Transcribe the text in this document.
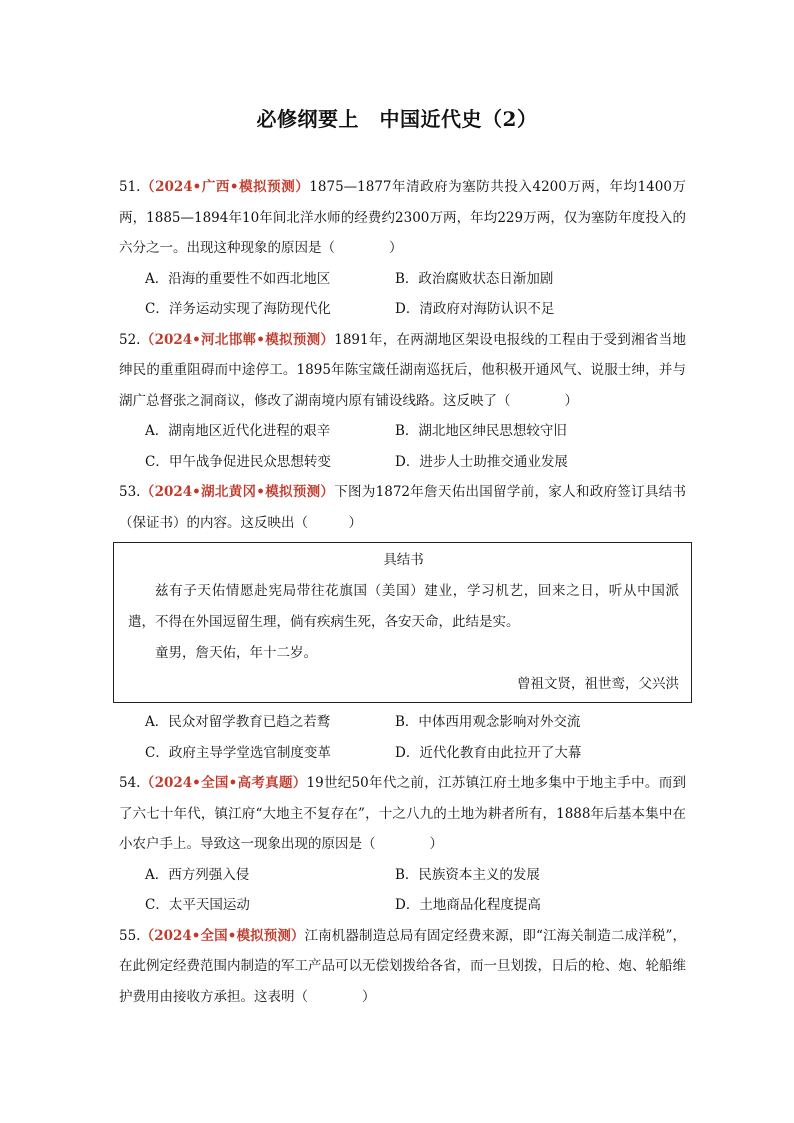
必修纲要上　中国近代史（2）

51.（2024•广西•模拟预测）1875—1877年清政府为塞防共投入4200万两，年均1400万两，1885—1894年10年间北洋水师的经费约2300万两，年均229万两，仅为塞防年度投入的六分之一。出现这种现象的原因是（　　　　）

A．沿海的重要性不如西北地区	B．政治腐败状态日渐加剧
C．洋务运动实现了海防现代化	D．清政府对海防认识不足

52.（2024•河北邯郸•模拟预测）1891年，在两湖地区架设电报线的工程由于受到湘省当地绅民的重重阻碍而中途停工。1895年陈宝箴任湖南巡抚后，他积极开通风气、说服士绅，并与湖广总督张之洞商议，修改了湖南境内原有铺设线路。这反映了（　　　　）

A．湖南地区近代化进程的艰辛	B．湖北地区绅民思想较守旧
C．甲午战争促进民众思想转变	D．进步人士助推交通业发展

53.（2024•湖北黄冈•模拟预测）下图为1872年詹天佑出国留学前，家人和政府签订具结书（保证书）的内容。这反映出（　　　）

具结书

兹有子天佑情愿赴宪局带往花旗国（美国）建业，学习机艺，回来之日，听从中国派遣，不得在外国逗留生理，倘有疾病生死，各安天命，此结是实。

童男，詹天佑，年十二岁。

曾祖文贤，祖世鸾，父兴洪
A．民众对留学教育已趋之若鹜	B．中体西用观念影响对外交流
C．政府主导学堂选官制度变革	D．近代化教育由此拉开了大幕

54.（2024•全国•高考真题）19世纪50年代之前，江苏镇江府土地多集中于地主手中。而到了六七十年代，镇江府“大地主不复存在”，十之八九的土地为耕者所有，1888年后基本集中在小农户手上。导致这一现象出现的原因是（　　　　）

A．西方列强入侵	B．民族资本主义的发展
C．太平天国运动	D．土地商品化程度提高

55.（2024•全国•模拟预测）江南机器制造总局有固定经费来源，即“江海关制造二成洋税”，在此例定经费范围内制造的军工产品可以无偿划拨给各省，而一旦划拨，日后的枪、炮、轮船维护费用由接收方承担。这表明（　　　　）
